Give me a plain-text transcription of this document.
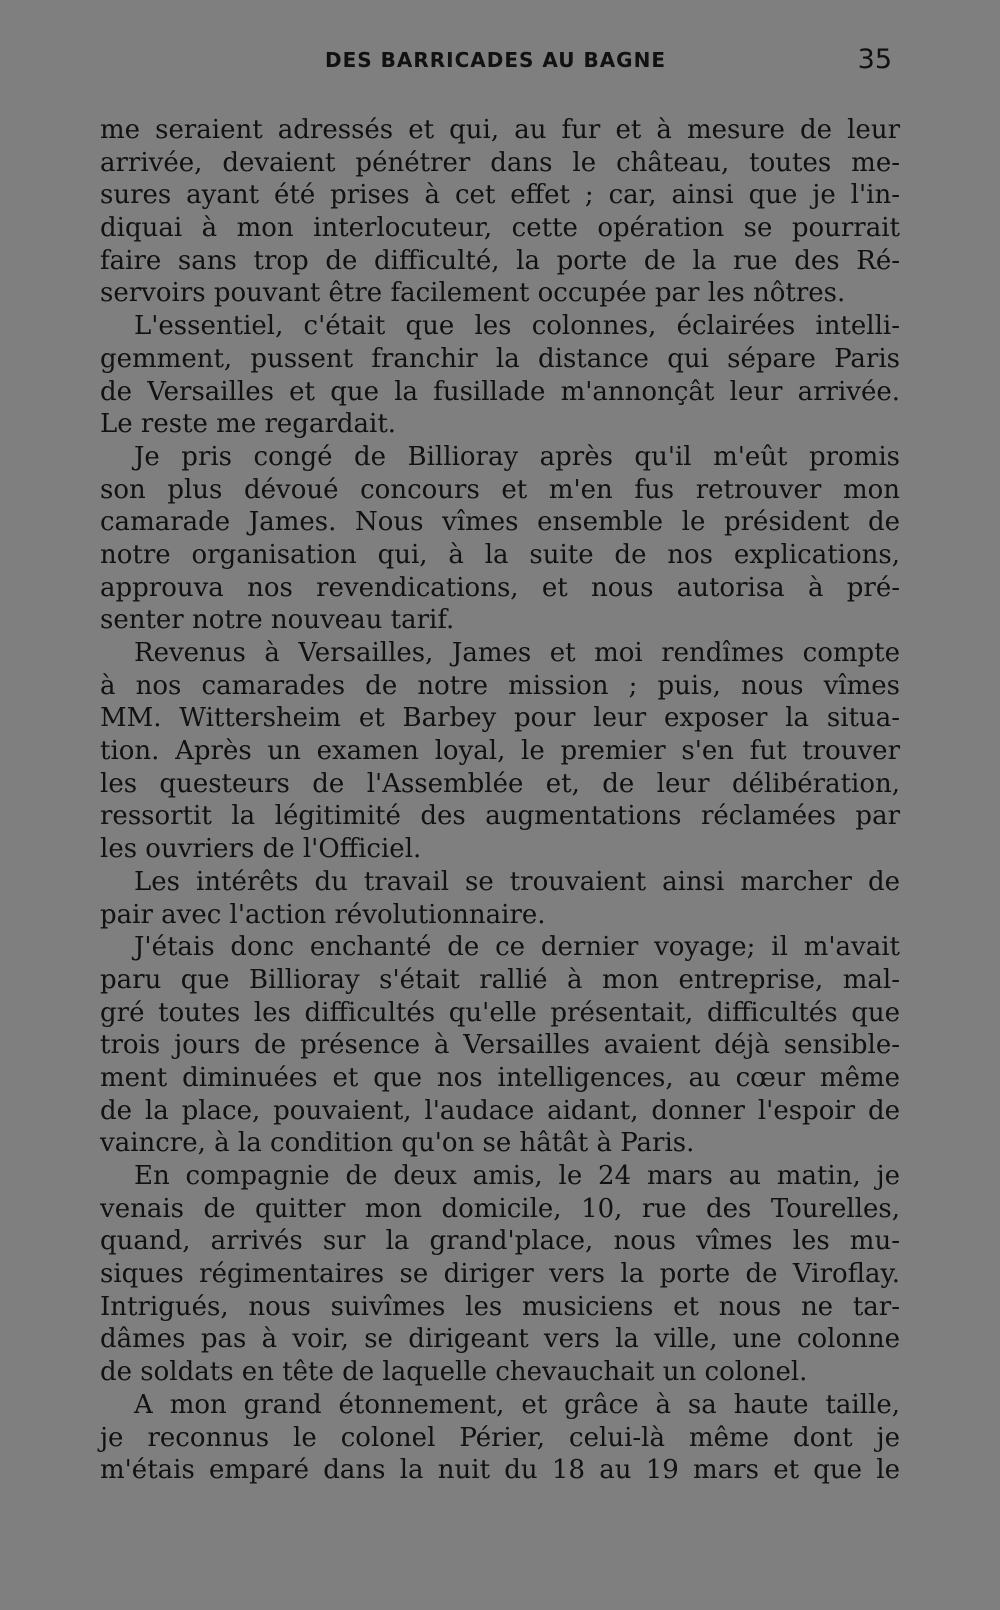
DES BARRICADES AU BAGNE	35
me seraient adressés et qui, au fur et à mesure de leur
arrivée, devaient pénétrer dans le château, toutes me-
sures ayant été prises à cet effet ; car, ainsi que je l'in-
diquai à mon interlocuteur, cette opération se pourrait
faire sans trop de difficulté, la porte de la rue des Ré-
servoirs pouvant être facilement occupée par les nôtres.
L'essentiel, c'était que les colonnes, éclairées intelli-
gemment, pussent franchir la distance qui sépare Paris
de Versailles et que la fusillade m'annonçât leur arrivée.
Le reste me regardait.
Je pris congé de Billioray après qu'il m'eût promis
son plus dévoué concours et m'en fus retrouver mon
camarade James. Nous vîmes ensemble le président de
notre organisation qui, à la suite de nos explications,
approuva nos revendications, et nous autorisa à pré-
senter notre nouveau tarif.
Revenus à Versailles, James et moi rendîmes compte
à nos camarades de notre mission ; puis, nous vîmes
MM. Wittersheim et Barbey pour leur exposer la situa-
tion. Après un examen loyal, le premier s'en fut trouver
les questeurs de l'Assemblée et, de leur délibération,
ressortit la légitimité des augmentations réclamées par
les ouvriers de l'Officiel.
Les intérêts du travail se trouvaient ainsi marcher de
pair avec l'action révolutionnaire.
J'étais donc enchanté de ce dernier voyage; il m'avait
paru que Billioray s'était rallié à mon entreprise, mal-
gré toutes les difficultés qu'elle présentait, difficultés que
trois jours de présence à Versailles avaient déjà sensible-
ment diminuées et que nos intelligences, au cœur même
de la place, pouvaient, l'audace aidant, donner l'espoir de
vaincre, à la condition qu'on se hâtât à Paris.
En compagnie de deux amis, le 24 mars au matin, je
venais de quitter mon domicile, 10, rue des Tourelles,
quand, arrivés sur la grand'place, nous vîmes les mu-
siques régimentaires se diriger vers la porte de Viroflay.
Intrigués, nous suivîmes les musiciens et nous ne tar-
dâmes pas à voir, se dirigeant vers la ville, une colonne
de soldats en tête de laquelle chevauchait un colonel.
A mon grand étonnement, et grâce à sa haute taille,
je reconnus le colonel Périer, celui-là même dont je
m'étais emparé dans la nuit du 18 au 19 mars et que le
